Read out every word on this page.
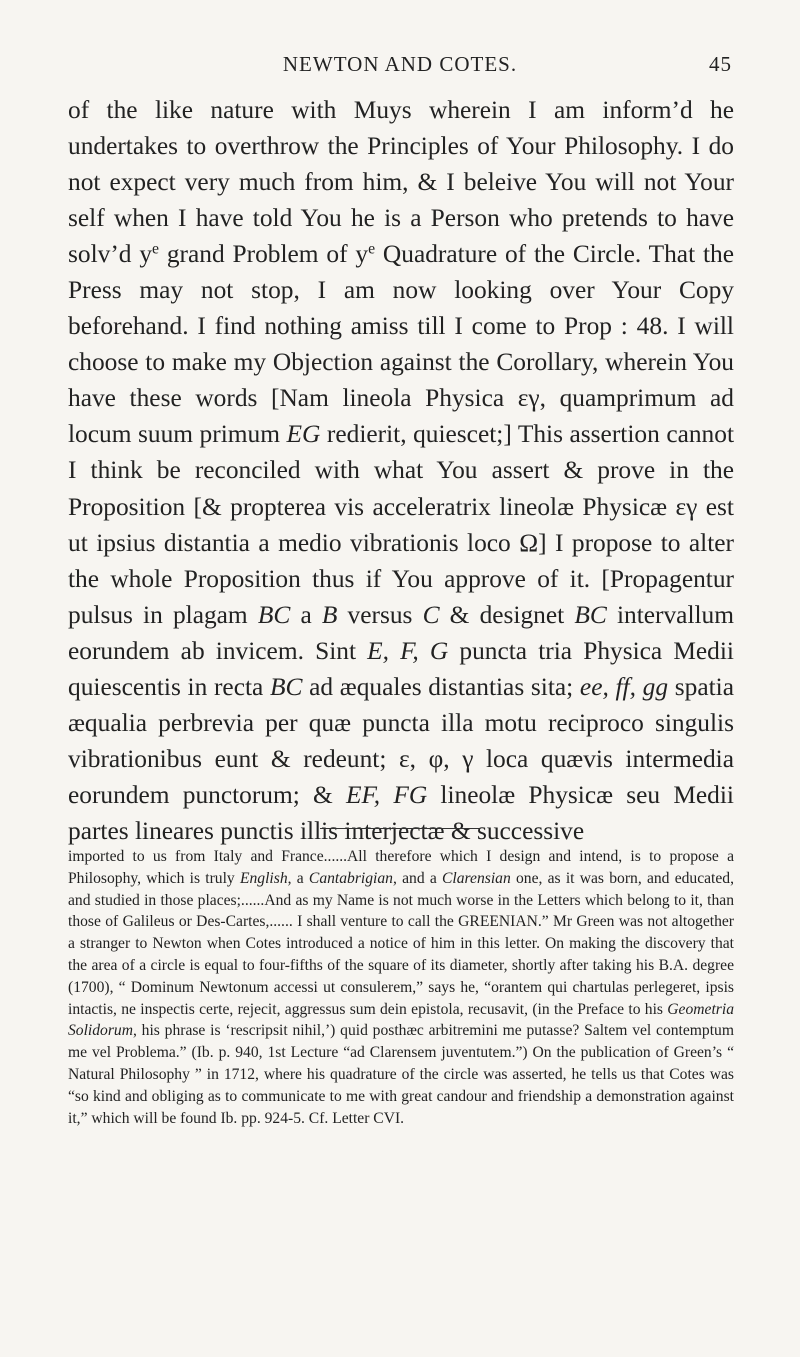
NEWTON AND COTES.	45

of the like nature with Muys wherein I am inform’d he undertakes to overthrow the Principles of Your Philosophy. I do not expect very much from him, & I beleive You will not Your self when I have told You he is a Person who pretends to have solv’d $y^e$ grand Problem of $y^e$ Quadrature of the Circle. That the Press may not stop, I am now looking over Your Copy beforehand. I find nothing amiss till I come to Prop : 48. I will choose to make my Objection against the Corollary, wherein You have these words [Nam lineola Physica εγ, quamprimum ad locum suum primum EG redierit, quiescet;] This assertion cannot I think be reconciled with what You assert & prove in the Proposition [& propterea vis acceleratrix lineolæ Physicæ εγ est ut ipsius distantia a medio vibrationis loco Ω] I propose to alter the whole Proposition thus if You approve of it. [Propagentur pulsus in plagam BC a B versus C & designet BC intervallum eorundem ab invicem. Sint E, F, G puncta tria Physica Medii quiescentis in recta BC ad æquales distantias sita; ee, ff, gg spatia æqualia perbrevia per quæ puncta illa motu reciproco singulis vibrationibus eunt & redeunt; ε, φ, γ loca quævis intermedia eorundem punctorum; & EF, FG lineolæ Physicæ seu Medii partes lineares punctis illis interjectæ & successive

imported to us from Italy and France......All therefore which I design and intend, is to propose a Philosophy, which is truly English, a Cantabrigian, and a Clarensian one, as it was born, and educated, and studied in those places;......And as my Name is not much worse in the Letters which belong to it, than those of Galileus or Des-Cartes,...... I shall venture to call the GREENIAN.” Mr Green was not altogether a stranger to Newton when Cotes introduced a notice of him in this letter. On making the discovery that the area of a circle is equal to four-fifths of the square of its diameter, shortly after taking his B.A. degree (1700), “ Dominum Newtonum accessi ut consulerem,” says he, “orantem qui chartulas perlegeret, ipsis intactis, ne inspectis certe, rejecit, aggressus sum dein epistola, recusavit, (in the Preface to his Geometria Solidorum, his phrase is ‘rescripsit nihil,’) quid posthæc arbitremini me putasse? Saltem vel contemptum me vel Problema.” (Ib. p. 940, 1st Lecture “ad Clarensem juventutem.”) On the publication of Green’s “ Natural Philosophy ” in 1712, where his quadrature of the circle was asserted, he tells us that Cotes was “so kind and obliging as to communicate to me with great candour and friendship a demonstration against it,” which will be found Ib. pp. 924-5. Cf. Letter CVI.
